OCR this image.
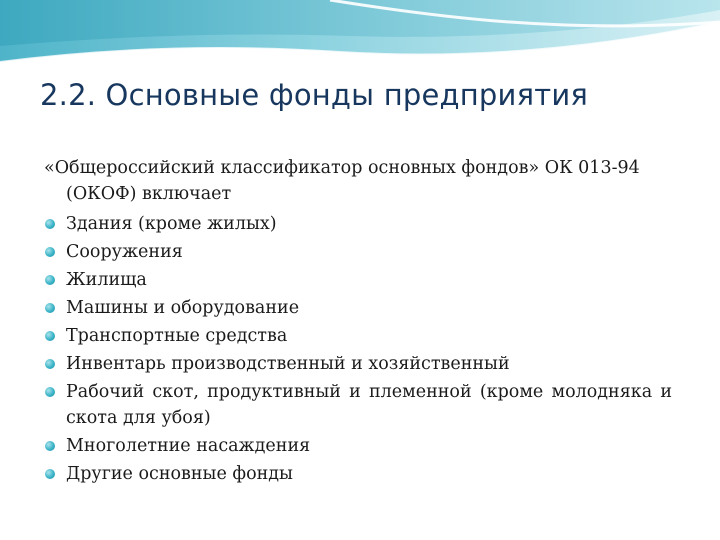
2.2. Основные фонды предприятия

«Общероссийский классификатор основных фондов» ОК 013-94 (ОКОФ) включает

Здания (кроме жилых)
Сооружения
Жилища
Машины и оборудование
Транспортные средства
Инвентарь производственный и хозяйственный
Рабочий скот, продуктивный и племенной (кроме молодняка и скота для убоя)
Многолетние насаждения
Другие основные фонды
